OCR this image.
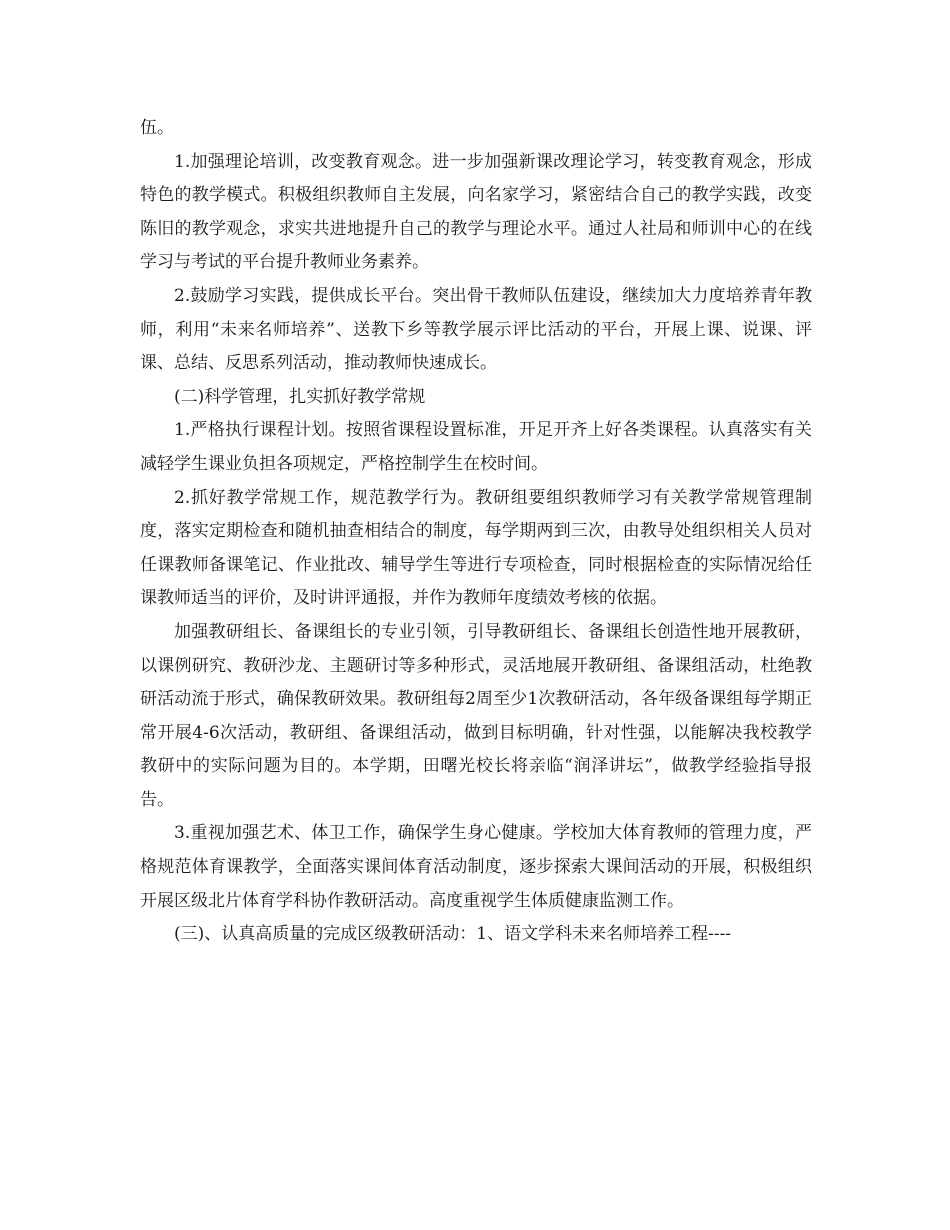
伍。

1.加强理论培训，改变教育观念。进一步加强新课改理论学习，转变教育观念，形成特色的教学模式。积极组织教师自主发展，向名家学习，紧密结合自己的教学实践，改变陈旧的教学观念，求实共进地提升自己的教学与理论水平。通过人社局和师训中心的在线学习与考试的平台提升教师业务素养。

2.鼓励学习实践，提供成长平台。突出骨干教师队伍建设，继续加大力度培养青年教师，利用“未来名师培养”、送教下乡等教学展示评比活动的平台，开展上课、说课、评课、总结、反思系列活动，推动教师快速成长。

(二)科学管理，扎实抓好教学常规

1.严格执行课程计划。按照省课程设置标准，开足开齐上好各类课程。认真落实有关减轻学生课业负担各项规定，严格控制学生在校时间。

2.抓好教学常规工作，规范教学行为。教研组要组织教师学习有关教学常规管理制度，落实定期检查和随机抽查相结合的制度，每学期两到三次，由教导处组织相关人员对任课教师备课笔记、作业批改、辅导学生等进行专项检查，同时根据检查的实际情况给任课教师适当的评价，及时讲评通报，并作为教师年度绩效考核的依据。

加强教研组长、备课组长的专业引领，引导教研组长、备课组长创造性地开展教研，以课例研究、教研沙龙、主题研讨等多种形式，灵活地展开教研组、备课组活动，杜绝教研活动流于形式，确保教研效果。教研组每2周至少1次教研活动，各年级备课组每学期正常开展4-6次活动，教研组、备课组活动，做到目标明确，针对性强，以能解决我校教学教研中的实际问题为目的。本学期，田曙光校长将亲临“润泽讲坛”，做教学经验指导报告。

3.重视加强艺术、体卫工作，确保学生身心健康。学校加大体育教师的管理力度，严格规范体育课教学，全面落实课间体育活动制度，逐步探索大课间活动的开展，积极组织开展区级北片体育学科协作教研活动。高度重视学生体质健康监测工作。

(三)、认真高质量的完成区级教研活动：1、语文学科未来名师培养工程----
